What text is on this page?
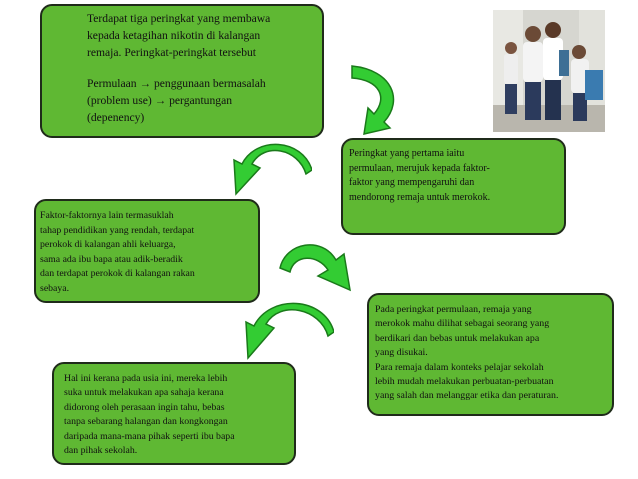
Terdapat tiga peringkat yang membawa

kepada ketagihan nikotin di kalangan

remaja. Peringkat-peringkat tersebut

Permulaan → penggunaan bermasalah

(problem use) → pergantungan

(depenency)

Peringkat yang pertama iaitu

permulaan, merujuk kepada faktor-

faktor yang mempengaruhi dan

mendorong remaja untuk merokok.

Faktor-faktornya lain termasuklah

tahap pendidikan yang rendah, terdapat

perokok di kalangan ahli keluarga,

sama ada ibu bapa atau adik-beradik

dan terdapat perokok di kalangan rakan

sebaya.

Pada peringkat permulaan, remaja yang

merokok mahu dilihat sebagai seorang yang

berdikari dan bebas untuk melakukan apa

yang disukai.

Para remaja dalam konteks pelajar sekolah

lebih mudah melakukan perbuatan-perbuatan

yang salah dan melanggar etika dan peraturan.

Hal ini kerana pada usia ini, mereka lebih

suka untuk melakukan apa sahaja kerana

didorong oleh perasaan ingin tahu, bebas

tanpa sebarang halangan dan kongkongan

daripada mana-mana pihak seperti ibu bapa

dan pihak sekolah.
